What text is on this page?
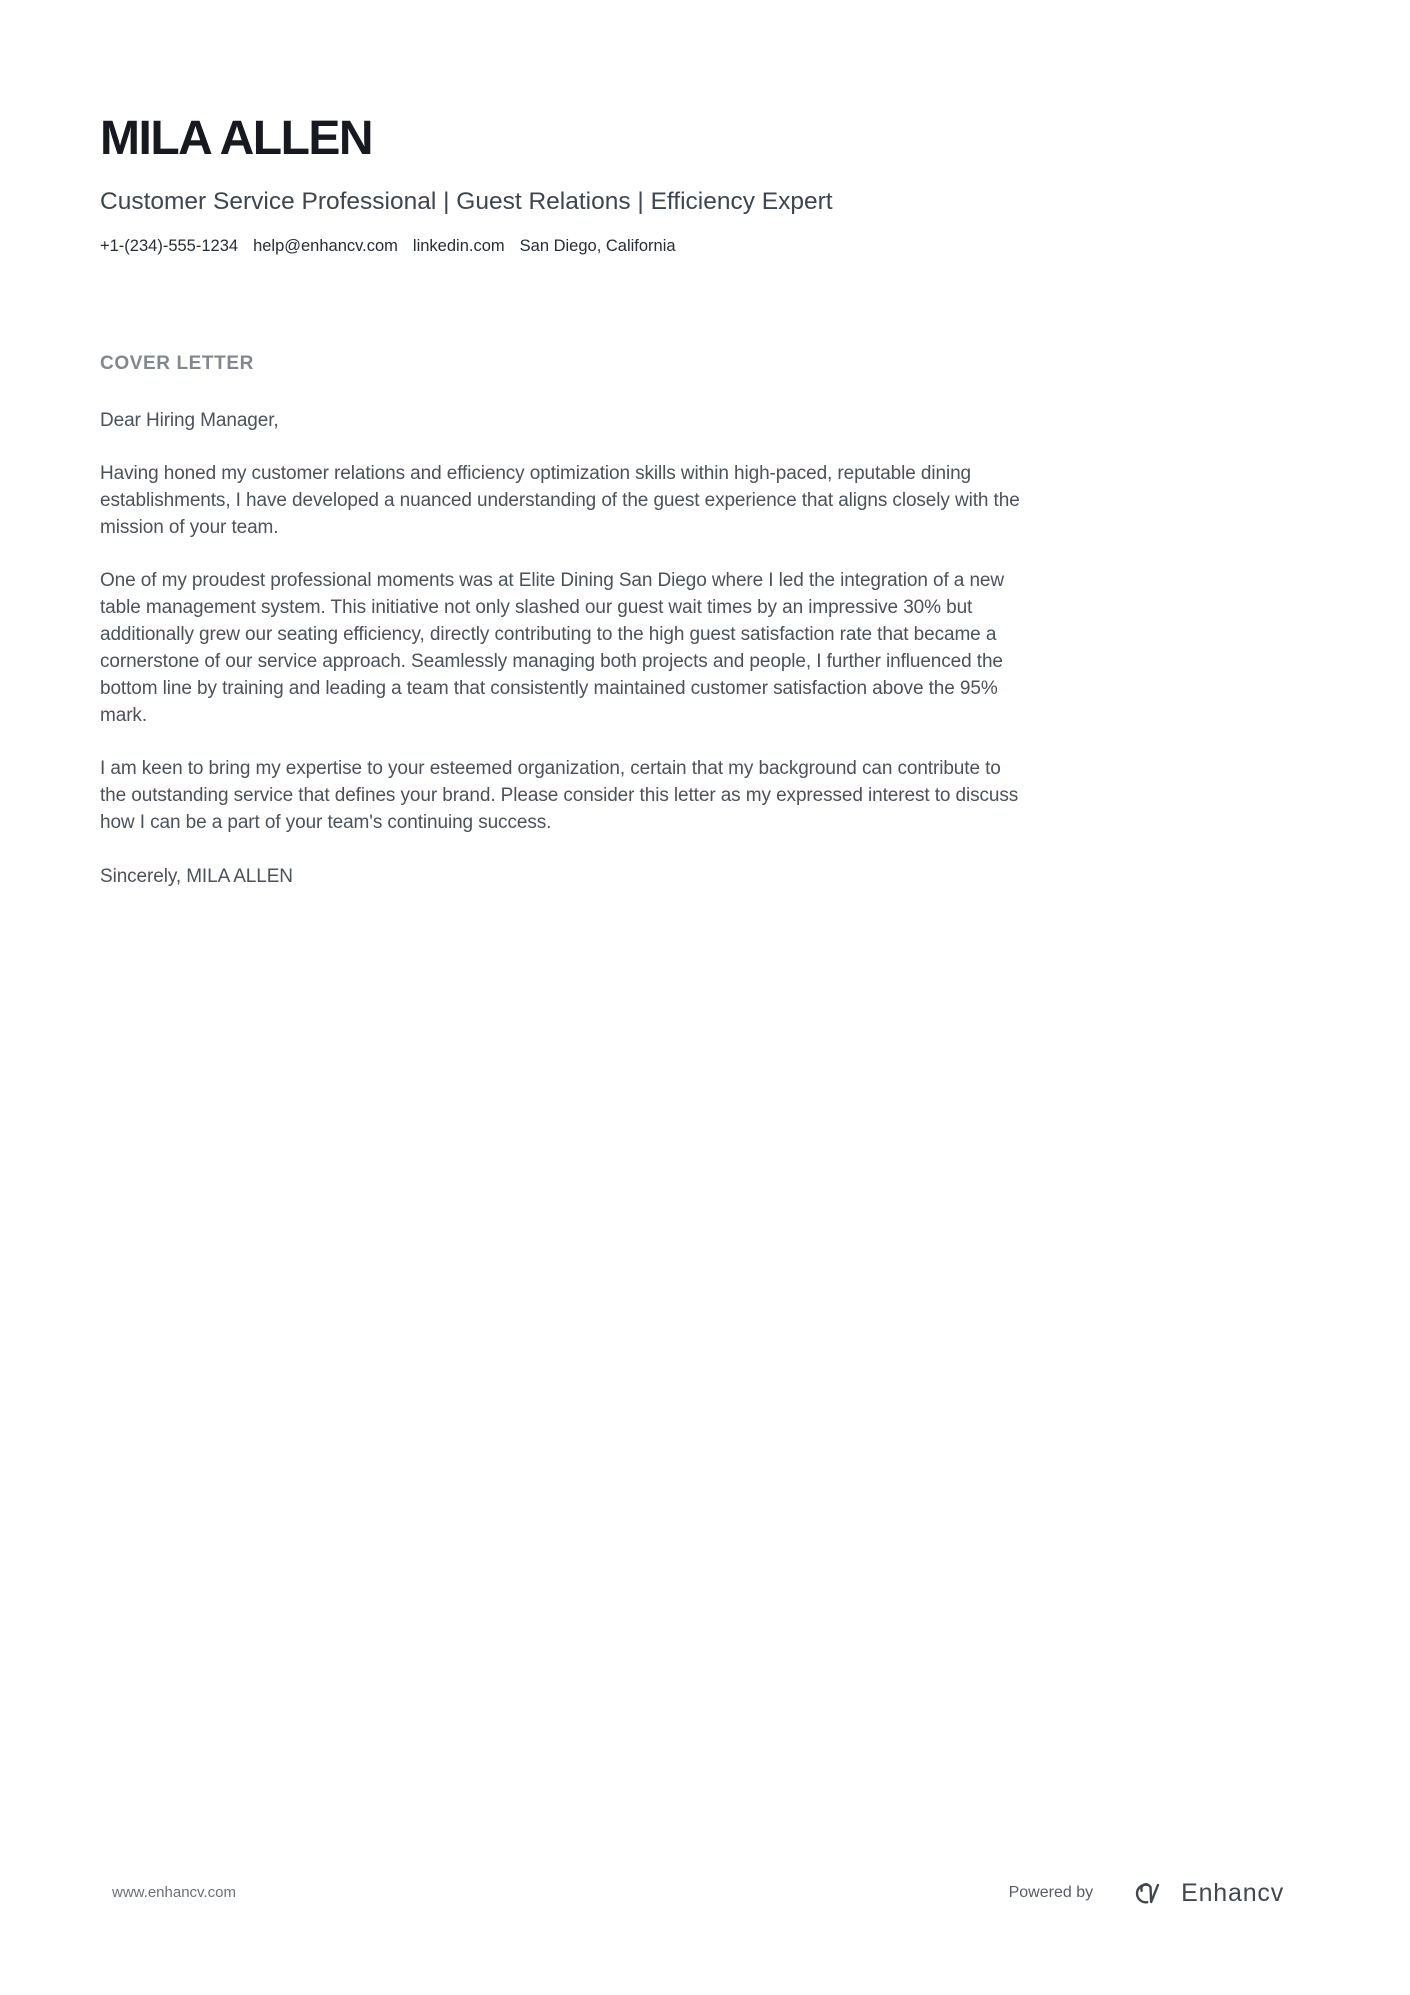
MILA ALLEN
Customer Service Professional | Guest Relations | Efficiency Expert
+1-(234)-555-1234 help@enhancv.com linkedin.com San Diego, California
COVER LETTER
Dear Hiring Manager,

Having honed my customer relations and efficiency optimization skills within high-paced, reputable dining establishments, I have developed a nuanced understanding of the guest experience that aligns closely with the mission of your team.

One of my proudest professional moments was at Elite Dining San Diego where I led the integration of a new table management system. This initiative not only slashed our guest wait times by an impressive 30% but additionally grew our seating efficiency, directly contributing to the high guest satisfaction rate that became a cornerstone of our service approach. Seamlessly managing both projects and people, I further influenced the bottom line by training and leading a team that consistently maintained customer satisfaction above the 95% mark.

I am keen to bring my expertise to your esteemed organization, certain that my background can contribute to the outstanding service that defines your brand. Please consider this letter as my expressed interest to discuss how I can be a part of your team's continuing success.

Sincerely, MILA ALLEN
www.enhancv.com	Powered by	Enhancv
